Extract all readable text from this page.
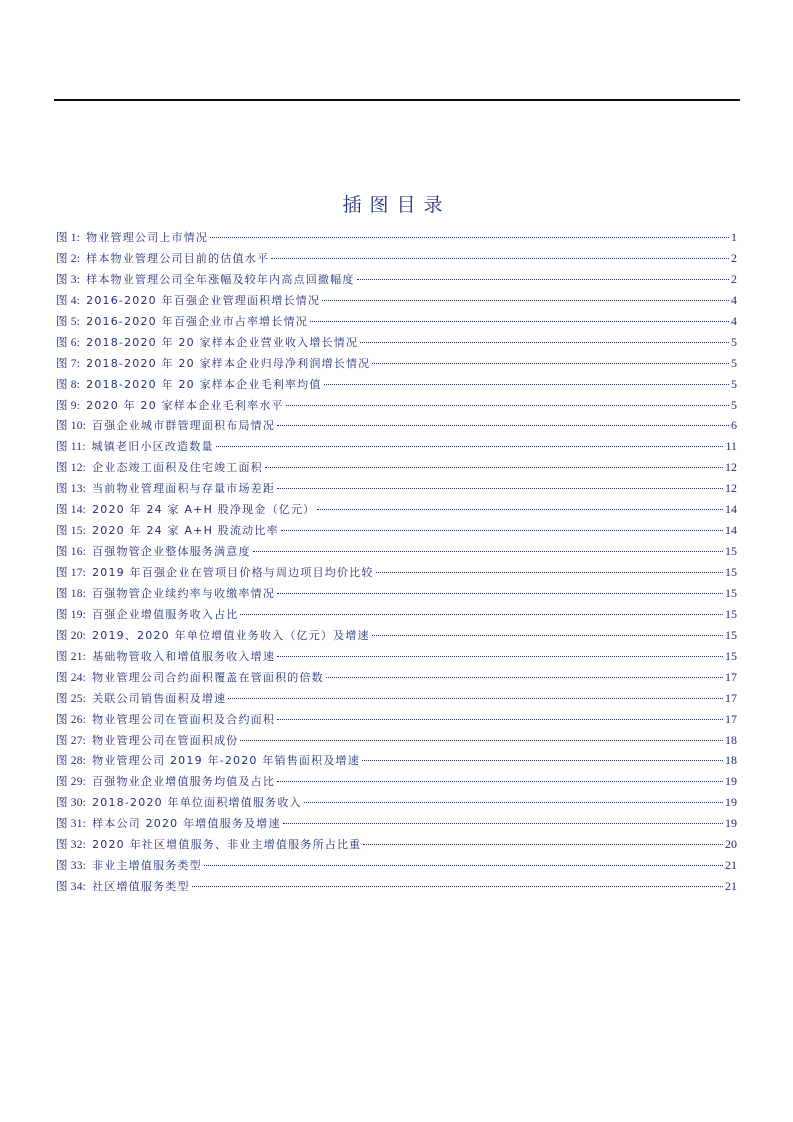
插图目录
图 1: 物业管理公司上市情况	1
图 2: 样本物业管理公司目前的估值水平	2
图 3: 样本物业管理公司全年涨幅及较年内高点回撤幅度	2
图 4: 2016-2020 年百强企业管理面积增长情况	4
图 5: 2016-2020 年百强企业市占率增长情况	4
图 6: 2018-2020 年 20 家样本企业营业收入增长情况	5
图 7: 2018-2020 年 20 家样本企业归母净利润增长情况	5
图 8: 2018-2020 年 20 家样本企业毛利率均值	5
图 9: 2020 年 20 家样本企业毛利率水平	5
图 10: 百强企业城市群管理面积布局情况	6
图 11: 城镇老旧小区改造数量	11
图 12: 企业态竣工面积及住宅竣工面积	12
图 13: 当前物业管理面积与存量市场差距	12
图 14: 2020 年 24 家 A+H 股净现金（亿元）	14
图 15: 2020 年 24 家 A+H 股流动比率	14
图 16: 百强物管企业整体服务满意度	15
图 17: 2019 年百强企业在管项目价格与周边项目均价比较	15
图 18: 百强物管企业续约率与收缴率情况	15
图 19: 百强企业增值服务收入占比	15
图 20: 2019、2020 年单位增值业务收入（亿元）及增速	15
图 21: 基础物管收入和增值服务收入增速	15
图 24: 物业管理公司合约面积覆盖在管面积的倍数	17
图 25: 关联公司销售面积及增速	17
图 26: 物业管理公司在管面积及合约面积	17
图 27: 物业管理公司在管面积成份	18
图 28: 物业管理公司 2019 年-2020 年销售面积及增速	18
图 29: 百强物业企业增值服务均值及占比	19
图 30: 2018-2020 年单位面积增值服务收入	19
图 31: 样本公司 2020 年增值服务及增速	19
图 32: 2020 年社区增值服务、非业主增值服务所占比重	20
图 33: 非业主增值服务类型	21
图 34: 社区增值服务类型	21
